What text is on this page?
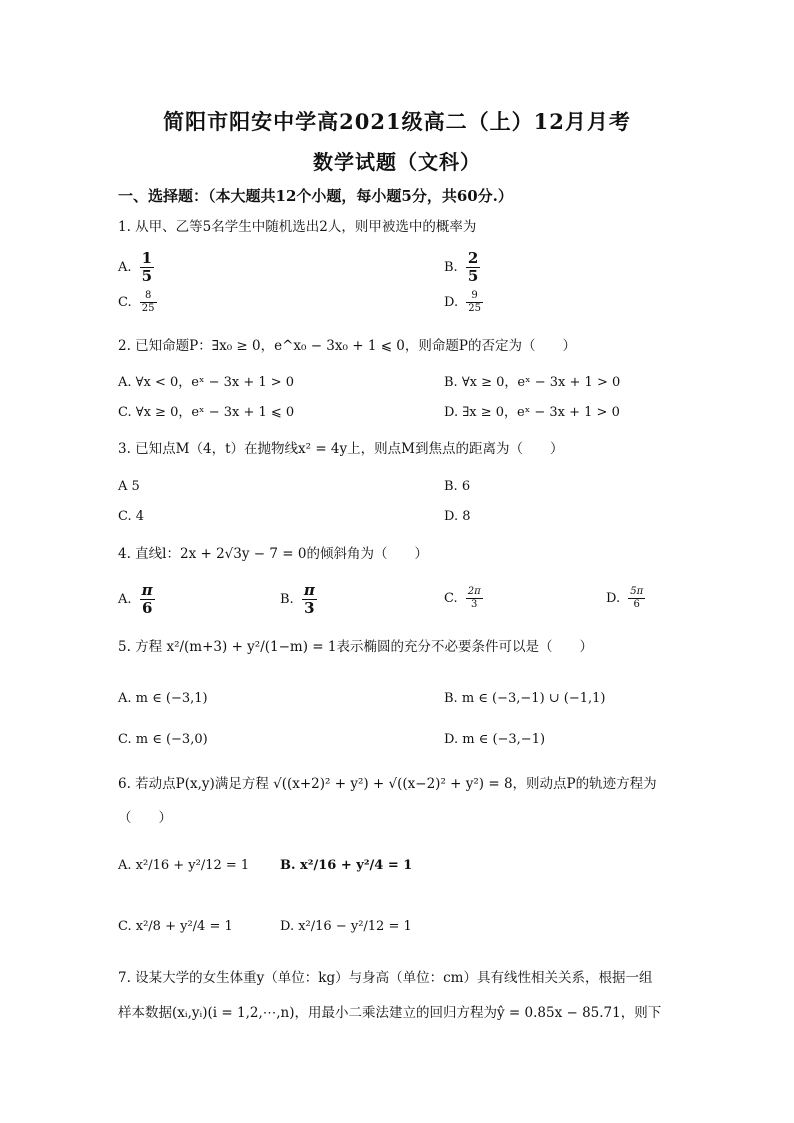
简阳市阳安中学高2021级高二（上）12月月考
数学试题（文科）
一、选择题：（本大题共12个小题，每小题5分，共60分.）
1. 从甲、乙等5名学生中随机选出2人，则甲被选中的概率为
A. $\frac{1}{5}$	B. $\frac{2}{5}$
C. $\frac{8}{25}$	D. $\frac{9}{25}$
2. 已知命题P：∃x₀ ≥ 0，e^x₀ − 3x₀ + 1 ⩽ 0，则命题P的否定为（　　）
A. ∀x < 0，eˣ − 3x + 1 > 0	B. ∀x ≥ 0，eˣ − 3x + 1 > 0
C. ∀x ≥ 0，eˣ − 3x + 1 ⩽ 0	D. ∃x ≥ 0，eˣ − 3x + 1 > 0
3. 已知点M（4，t）在抛物线x² = 4y上，则点M到焦点的距离为（　　）
A 5	B. 6
C. 4	D. 8
4. 直线l：2x + 2√3y − 7 = 0的倾斜角为（　　）
A. $\frac{\pi}{6}$	B. $\frac{\pi}{3}$	C. $\frac{2\pi}{3}$	D. $\frac{5\pi}{6}$
5. 方程 x²/(m+3) + y²/(1−m) = 1表示椭圆的充分不必要条件可以是（　　）
A. m ∈ (−3,1)	B. m ∈ (−3,−1) ∪ (−1,1)
C. m ∈ (−3,0)	D. m ∈ (−3,−1)
6. 若动点P(x,y)满足方程 √((x+2)² + y²) + √((x−2)² + y²) = 8，则动点P的轨迹方程为
（　　）
A. x²/16 + y²/12 = 1 B. x²/16 + y²/4 = 1
C. x²/8 + y²/4 = 1	D. x²/16 − y²/12 = 1
7. 设某大学的女生体重y（单位：kg）与身高（单位：cm）具有线性相关关系，根据一组
样本数据(xᵢ,yᵢ)(i = 1,2,⋯,n)，用最小二乘法建立的回归方程为ŷ = 0.85x − 85.71，则下
